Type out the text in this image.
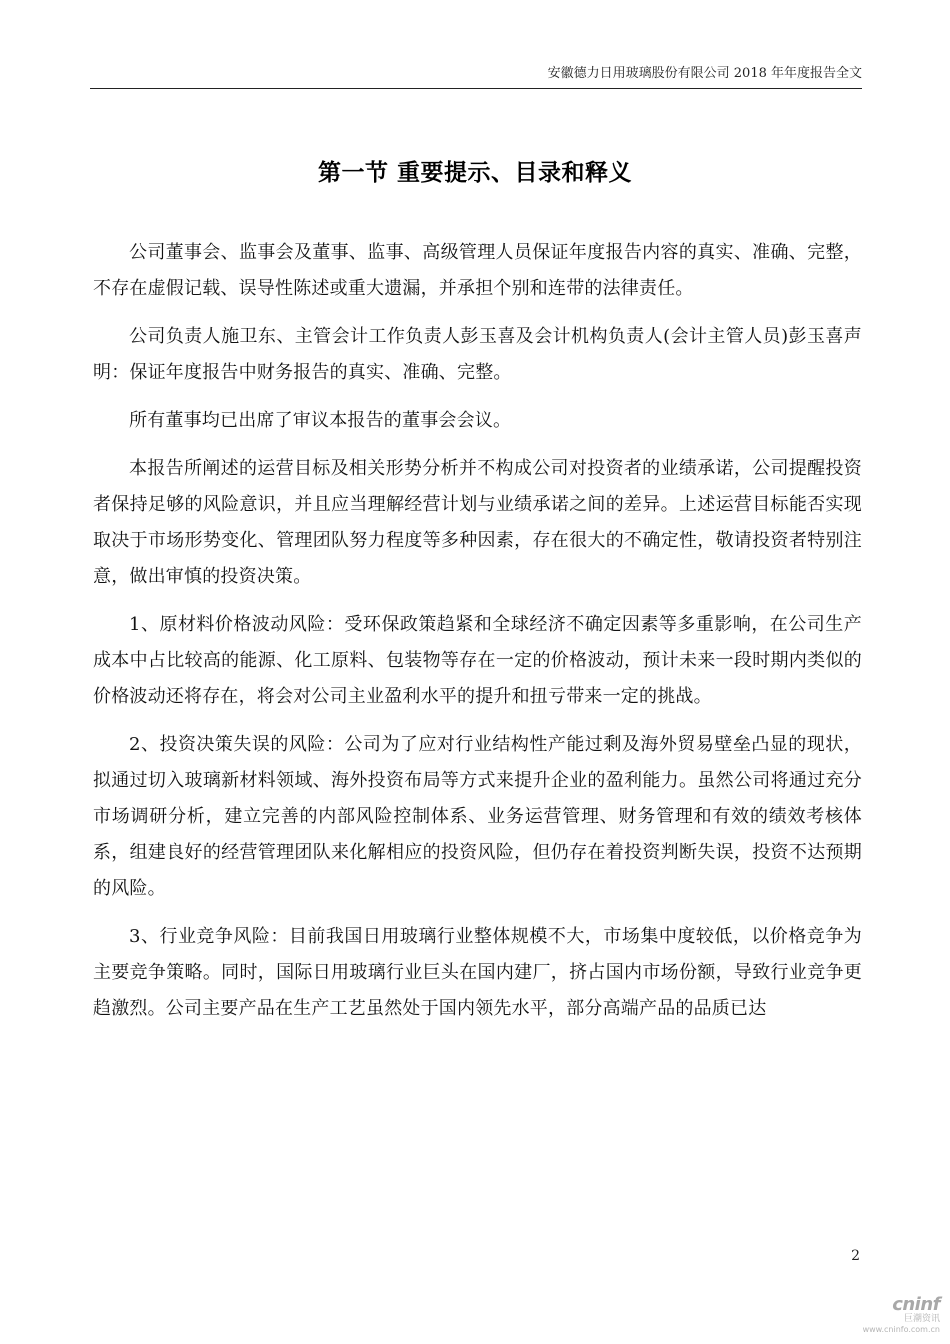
安徽德力日用玻璃股份有限公司 2018 年年度报告全文
第一节 重要提示、目录和释义

公司董事会、监事会及董事、监事、高级管理人员保证年度报告内容的真实、准确、完整，不存在虚假记载、误导性陈述或重大遗漏，并承担个别和连带的法律责任。

公司负责人施卫东、主管会计工作负责人彭玉喜及会计机构负责人(会计主管人员)彭玉喜声明：保证年度报告中财务报告的真实、准确、完整。

所有董事均已出席了审议本报告的董事会会议。

本报告所阐述的运营目标及相关形势分析并不构成公司对投资者的业绩承诺，公司提醒投资者保持足够的风险意识，并且应当理解经营计划与业绩承诺之间的差异。上述运营目标能否实现取决于市场形势变化、管理团队努力程度等多种因素，存在很大的不确定性，敬请投资者特别注意，做出审慎的投资决策。

1、原材料价格波动风险：受环保政策趋紧和全球经济不确定因素等多重影响，在公司生产成本中占比较高的能源、化工原料、包装物等存在一定的价格波动，预计未来一段时期内类似的价格波动还将存在，将会对公司主业盈利水平的提升和扭亏带来一定的挑战。

2、投资决策失误的风险：公司为了应对行业结构性产能过剩及海外贸易壁垒凸显的现状，拟通过切入玻璃新材料领域、海外投资布局等方式来提升企业的盈利能力。虽然公司将通过充分市场调研分析，建立完善的内部风险控制体系、业务运营管理、财务管理和有效的绩效考核体系，组建良好的经营管理团队来化解相应的投资风险，但仍存在着投资判断失误，投资不达预期的风险。

3、行业竞争风险：目前我国日用玻璃行业整体规模不大，市场集中度较低，以价格竞争为主要竞争策略。同时，国际日用玻璃行业巨头在国内建厂，挤占国内市场份额，导致行业竞争更趋激烈。公司主要产品在生产工艺虽然处于国内领先水平，部分高端产品的品质已达

2
cninf
巨潮资讯
www.cninfo.com.cn
